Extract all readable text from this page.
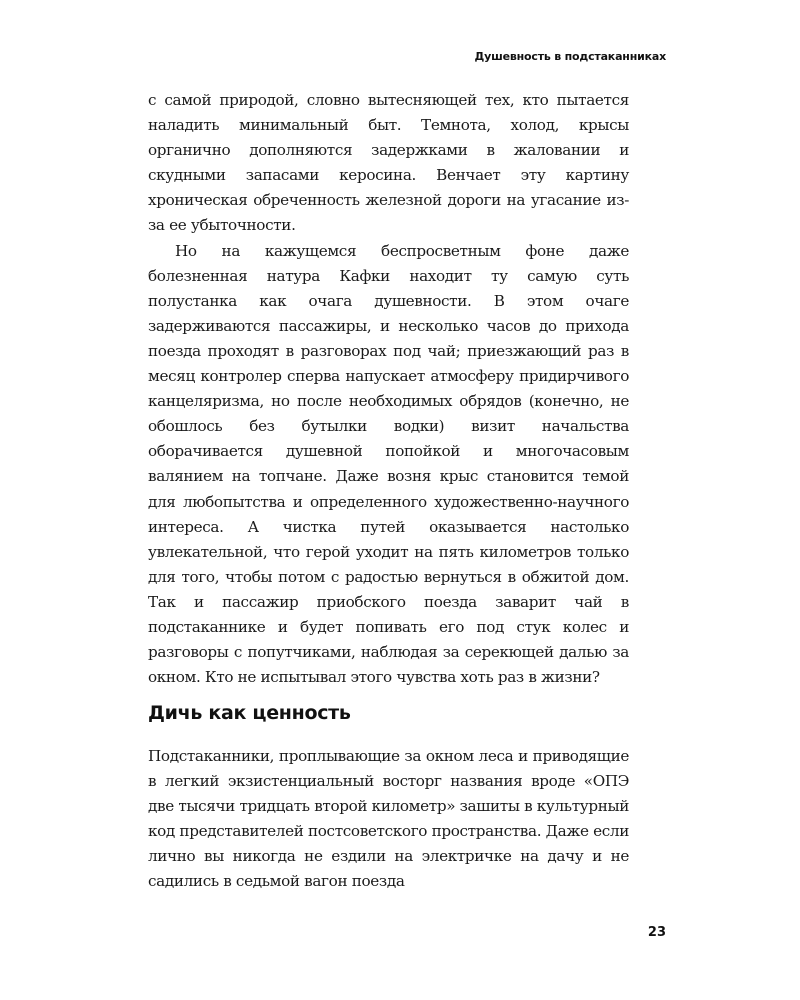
Душевность в подстаканниках

с самой природой, словно вытесняющей тех, кто пытается наладить минимальный быт. Темнота, холод, крысы органично дополняются задержками в жаловании и скудными запасами керосина. Венчает эту картину хроническая обреченность железной дороги на угасание из-за ее убыточности.

Но на кажущемся беспросветным фоне даже болезненная натура Кафки находит ту самую суть полустанка как очага душевности. В этом очаге задерживаются пассажиры, и несколько часов до прихода поезда проходят в разговорах под чай; приезжающий раз в месяц контролер сперва напускает атмосферу придирчивого канцеляризма, но после необходимых обрядов (конечно, не обошлось без бутылки водки) визит начальства оборачивается душевной попойкой и многочасовым валянием на топчане. Даже возня крыс становится темой для любопытства и определенного художественно-научного интереса. А чистка путей оказывается настолько увлекательной, что герой уходит на пять километров только для того, чтобы потом с радостью вернуться в обжитой дом. Так и пассажир приобского поезда заварит чай в подстаканнике и будет попивать его под стук колес и разговоры с попутчиками, наблюдая за серекющей далью за окном. Кто не испытывал этого чувства хоть раз в жизни?

Дичь как ценность

Подстаканники, проплывающие за окном леса и приводящие в легкий экзистенциальный восторг названия вроде «ОПЭ две тысячи тридцать второй километр» зашиты в культурный код представителей постсоветского пространства. Даже если лично вы никогда не ездили на электричке на дачу и не садились в седьмой вагон поезда

23
